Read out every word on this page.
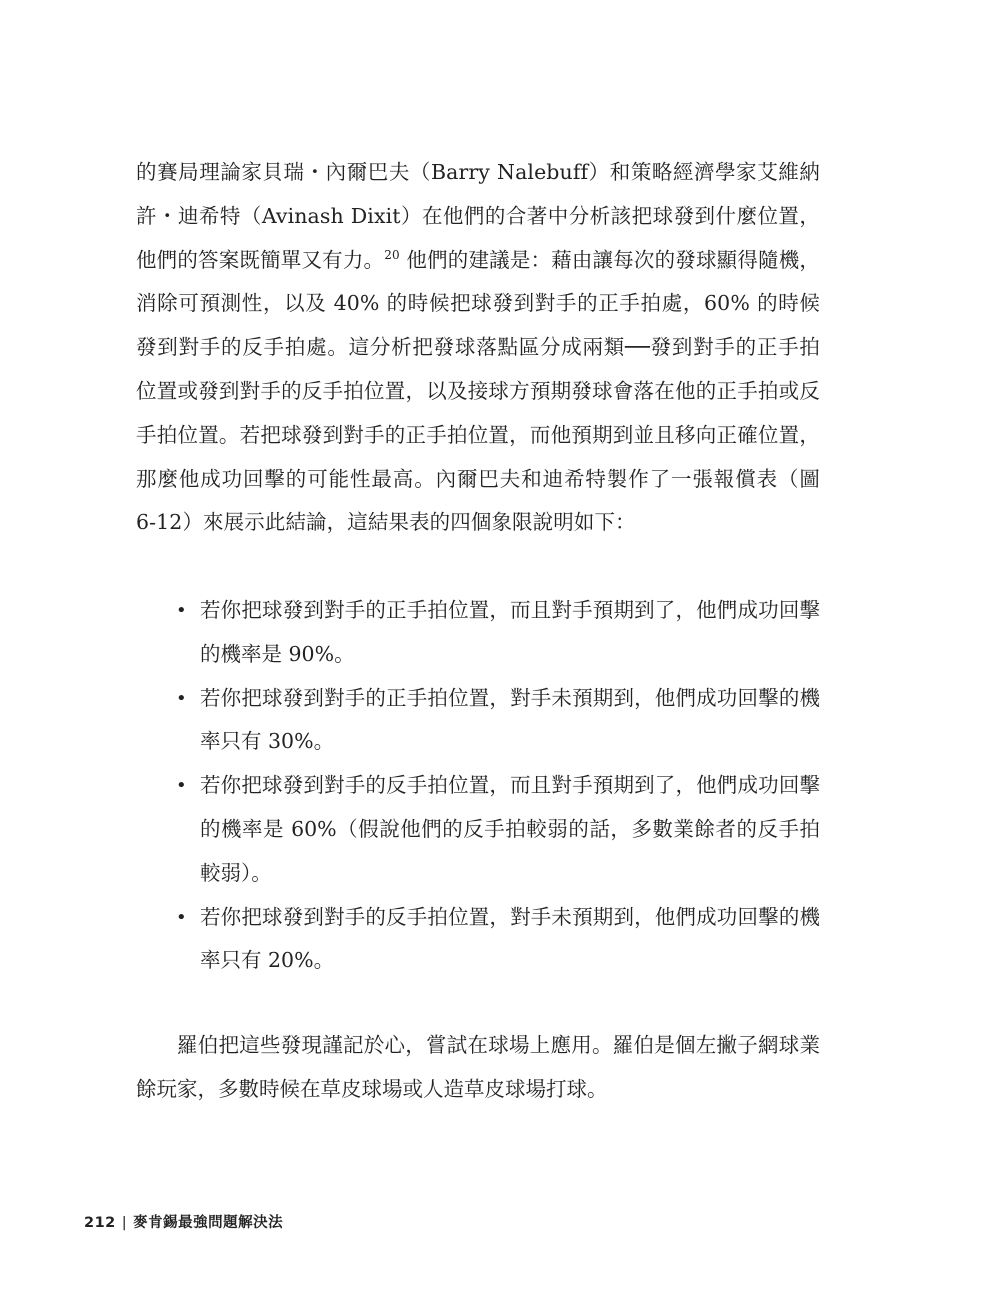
的賽局理論家貝瑞・內爾巴夫（Barry Nalebuff）和策略經濟學家艾維納許・迪希特（Avinash Dixit）在他們的合著中分析該把球發到什麼位置，他們的答案既簡單又有力。$^{20}$ 他們的建議是：藉由讓每次的發球顯得隨機，消除可預測性，以及 40% 的時候把球發到對手的正手拍處，60% 的時候發到對手的反手拍處。這分析把發球落點區分成兩類──發到對手的正手拍位置或發到對手的反手拍位置，以及接球方預期發球會落在他的正手拍或反手拍位置。若把球發到對手的正手拍位置，而他預期到並且移向正確位置，那麼他成功回擊的可能性最高。內爾巴夫和迪希特製作了一張報償表（圖 6-12）來展示此結論，這結果表的四個象限說明如下：

• 若你把球發到對手的正手拍位置，而且對手預期到了，他們成功回擊的機率是 90%。
• 若你把球發到對手的正手拍位置，對手未預期到，他們成功回擊的機率只有 30%。
• 若你把球發到對手的反手拍位置，而且對手預期到了，他們成功回擊的機率是 60%（假說他們的反手拍較弱的話，多數業餘者的反手拍較弱）。
• 若你把球發到對手的反手拍位置，對手未預期到，他們成功回擊的機率只有 20%。

羅伯把這些發現謹記於心，嘗試在球場上應用。羅伯是個左撇子網球業餘玩家，多數時候在草皮球場或人造草皮球場打球。

212 | 麥肯錫最強問題解決法
